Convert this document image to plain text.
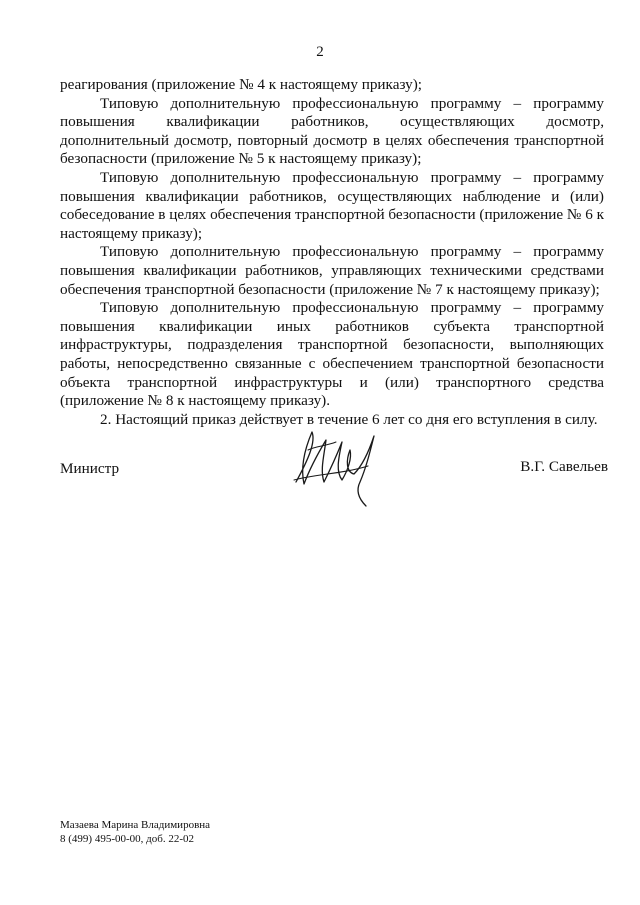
2

реагирования (приложение № 4 к настоящему приказу);

Типовую дополнительную профессиональную программу – программу повышения квалификации работников, осуществляющих досмотр, дополнительный досмотр, повторный досмотр в целях обеспечения транспортной безопасности (приложение № 5 к настоящему приказу);

Типовую дополнительную профессиональную программу – программу повышения квалификации работников, осуществляющих наблюдение и (или) собеседование в целях обеспечения транспортной безопасности (приложение № 6 к настоящему приказу);

Типовую дополнительную профессиональную программу – программу повышения квалификации работников, управляющих техническими средствами обеспечения транспортной безопасности (приложение № 7 к настоящему приказу);

Типовую дополнительную профессиональную программу – программу повышения квалификации иных работников субъекта транспортной инфраструктуры, подразделения транспортной безопасности, выполняющих работы, непосредственно связанные с обеспечением транспортной безопасности объекта транспортной инфраструктуры и (или) транспортного средства (приложение № 8 к настоящему приказу).

2. Настоящий приказ действует в течение 6 лет со дня его вступления в силу.

Министр	В.Г. Савельев
Мазаева Марина Владимировна
8 (499) 495-00-00, доб. 22-02
